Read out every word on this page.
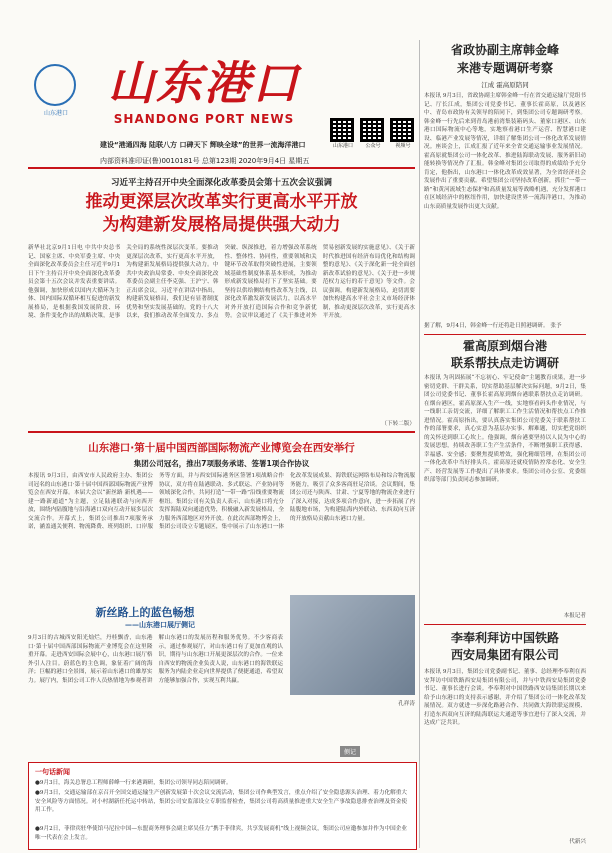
山东港口
山东港口
SHANDONG PORT NEWS
山东港口	公众号	视频号
建设“港通四海 陆联八方 口碑天下 辉映全球”的世界一流海洋港口
内部资料准印证(鲁)0010181号 总第123期 2020年9月4日 星期五
习近平主持召开中央全面深化改革委员会第十五次会议强调
推动更深层次改革实行更高水平开放
为构建新发展格局提供强大动力
新华社北京9月1日电 中共中央总书记、国家主席、中央军委主席、中央全面深化改革委员会主任习近平9月1日下午主持召开中央全面深化改革委员会第十五次会议并发表重要讲话。他强调，加快形成以国内大循环为主体、国内国际双循环相互促进的新发展格局，是根据我国发展阶段、环境、条件变化作出的战略决策，是事关全局的系统性深层次变革。要推动更深层次改革，实行更高水平开放，为构建新发展格局提供强大动力。中共中央政治局常委、中央全面深化改革委员会副主任李克强、王沪宁、韩正出席会议。习近平在讲话中指出，构建新发展格局，我们是有显著制度优势和坚实发展基础的。党的十八大以来，我们推动改革全面发力、多点突破、纵深推进，着力增强改革系统性、整体性、协同性，重要领域和关键环节改革取得突破性进展，主要领域基础性制度体系基本形成，为推动形成新发展格局打下了坚实基础。要坚持以供给侧结构性改革为主线，以深化改革激发新发展活力，以高水平对外开放打造国际合作和竞争新优势。会议审议通过了《关于推进对外贸易创新发展的实施意见》、《关于新时代推进国有经济布局优化和结构调整的意见》、《关于深化新一轮全面创新改革试验的意见》、《关于进一步规范权力运行的若干意见》等文件。会议强调，构建新发展格局，迫切需要加快构建高水平社会主义市场经济体制，推动更深层次改革，实行更高水平开放。
（下转二版）
山东港口·第十届中国西部国际物流产业博览会在西安举行
集团公司冠名，推出7项服务承诺、签署1项合作协议
本报讯 9月3日，由西安市人民政府主办、集团公司冠名的山东港口·第十届中国西部国际物流产业博览会在西安开幕。本届大会以“新丝路 新机遇——建一路新通道”为主题，立足陆港联动与向西开放，围绕内陆腹地与沿海港口双向互动开展多层次交流合作。开幕式上，集团公司推出7项服务承诺，涵盖通关便利、物流降费、班列组织、口岸服务等方面，并与西安国际港务区签署1项战略合作协议，双方将在陆港联动、多式联运、产业协同等领域深化合作，共同打造“一带一路”沿线重要物流枢纽。集团公司有关负责人表示，山东港口将充分发挥海陆双向通道优势，积极融入新发展格局，全力服务西部地区对外开放。在此次西部物博会上，集团公司设立专题展区，集中展示了山东港口一体化改革发展成果、海铁联运网络布局和综合物流服务能力，吸引了众多客商驻足洽谈。会议期间，集团公司还与陕西、甘肃、宁夏等地的物流企业进行了深入对接，达成多项合作意向，进一步拓展了内陆腹地市场，为构建陆海内外联动、东西双向互济的开放格局贡献山东港口力量。
新丝路上的蓝色畅想
——山东港口展厅侧记
9月3日的古城西安阳光灿烂，丹桂飘香，山东港口·第十届中国西部国际物流产业博览会在这里隆重开幕。走进西安国际会展中心，山东港口展厅格外引人注目。蔚蓝色的主色调，象征着广阔的海洋；巨幅的港口全景图，展示着山东港口的雄厚实力。展厅内，集团公司工作人员热情地为参观者讲解山东港口的发展历程和服务优势。不少客商表示，通过参观展厅，对山东港口有了更加直观的认识，期待与山东港口开展更深层次的合作。一位来自西安的物流企业负责人说，山东港口的海铁联运服务为内陆企业走向世界提供了便捷通道，希望双方能够加强合作，实现互利共赢。
侧记
孔祥涛
一句话新闻
●9月3日，海关总署总工程师薛峰一行来港调研，集团公司领导同志陪同调研。
●9月3日，交通运输部在京召开全国交通运输生产创新发展第十次会议交流活动，集团公司作典型发言，重点介绍了安全隐患源头治理、着力化解重大安全风险等方面情况。对小村湖新任托运中转站，集团公司安监部设立专职监督检查，集团公司将高质量推进重大安全生产事故隐患排查治理及资金使用工作。
●9月2日，菲律宾驻华使馆马尼拉中国—东盟商务理事会副主席吴佳力“携手菲律宾，共享发展商机”线上视频会议，集团公司应邀参加并作为中国企业唯一代表在会上发言。
省政协副主席韩金峰
来港专题调研考察
江成 霍高原陪同
本报讯 9月3日，省政协副主席韩金峰一行在省交通运输厅党组书记、厅长江成，集团公司党委书记、董事长霍高原，以及港区中、青岛市政协有关领导的陪同下，到集团公司专题调研考察。韩金峰一行先后来到青岛港前湾集装箱码头、董家口港区、山东港口国际物流中心等地，实地察看港口生产运营、智慧港口建设、临港产业发展等情况，详细了解集团公司一体化改革发展情况。座谈会上，江成汇报了近年来全省交通运输事业发展情况。霍高原就集团公司一体化改革、推进陆海联动发展、服务新旧动能转换等情况作了汇报。韩金峰对集团公司取得的成绩给予充分肯定，他指出，山东港口一体化改革成效显著，为全省经济社会发展作出了重要贡献。希望集团公司坚持改革创新，抓住“一带一路”和黄河流域生态保护和高质量发展等战略机遇，充分发挥港口在区域经济中的枢纽作用，加快建设世界一流海洋港口，为推动山东高质量发展作出更大贡献。
据了解，9月4日，韩金峰一行还将赴日照港调研。 张予
霍高原到烟台港
联系帮扶点走访调研
本报讯 为巩固拓展“不忘初心、牢记使命”主题教育成果，进一步密切党群、干群关系，切实帮助基层解决实际问题，9月2日，集团公司党委书记、董事长霍高原到烟台港联系帮扶点走访调研。在烟台港区，霍高原深入生产一线，实地察看码头作业情况，与一线职工亲切交流，详细了解职工工作生活情况和帮扶点工作推进情况。霍高原指出，要认真落实集团公司党委关于联系帮扶工作的部署要求，真心实意为基层办实事、解难题，切实把党组织的关怀送到职工心坎上。他强调，烟台港要坚持以人民为中心的发展思想，持续改善职工生产生活条件，不断增强职工获得感、幸福感、安全感；要聚焦提质增效，强化精细管理，在集团公司一体化改革中当好排头兵。霍高原还就疫情防控常态化、安全生产、经营发展等工作提出了具体要求。集团公司办公室、党委组织部等部门负责同志参加调研。
本报记者
李奉利拜访中国铁路
西安局集团有限公司
本报讯 9月3日，集团公司党委副书记、董事、总经理李奉利在西安拜访中国铁路西安局集团有限公司，并与中铁西安局集团党委书记、董事长进行会谈。李奉利对中国铁路西安局集团长期以来给予山东港口的支持表示感谢，并介绍了集团公司一体化改革发展情况。双方就进一步深化路港合作、共同做大海铁联运规模、打造东西双向互济的陆海联运大通道等事宜进行了深入交流，并达成广泛共识。
代新兴
